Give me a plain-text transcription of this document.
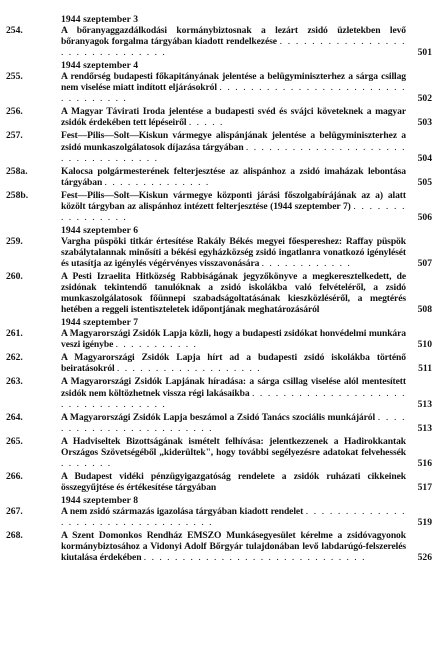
1944 szeptember 3
254.	A bőranyaggazdálkodási kormánybiztosnak a lezárt zsidó üzletekben levő bőranyagok forgalma tárgyában kiadott rendelkezése . . . . . . . . . . . . . . . . . . . . . . . . . . . . . .	501
1944 szeptember 4
255.	A rendőrség budapesti főkapitányának jelentése a belügyminiszterhez a sárga csillag nem viselése miatt indított eljárásokról . . . . . . . . . . . . . . . . . . . . . . . . . . . . . . . . .	502
256.	A Magyar Távirati Iroda jelentése a budapesti svéd és svájci követeknek a magyar zsidók érdekében tett lépéseiről . . . . .	503
257.	Fest—Pilis—Solt—Kiskun vármegye alispánjának jelentése a belügyminiszterhez a zsidó munkaszolgálatosok díjazása tárgyában . . . . . . . . . . . . . . . . . . . . . . . . . . . . . . . . . .	504
258a.	Kalocsa polgármesterének felterjesztése az alispánhoz a zsidó imaházak lebontása tárgyában . . . . . . . . . . . . . .	505
258b.	Fest—Pilis—Solt—Kiskun vármegye központi járási főszolgabírájának az a) alatt közölt tárgyban az alispánhoz intézett felterjesztése (1944 szeptember 7) . . . . . . . . . . . . . . . .	506
1944 szeptember 6
259.	Vargha püspöki titkár értesítése Rakály Békés megyei főespereshez: Raffay püspök szabálytalannak minősíti a békési egyházközség zsidó ingatlanra vonatkozó igénylését és utasítja az igénylés végérvényes visszavonására . . . . . . . . . . . .	507
260.	A Pesti Izraelita Hitközség Rabbiságának jegyzőkönyve a megkeresztelkedett, de zsidónak tekintendő tanulóknak a zsidó iskolákba való felvételéről, a zsidó munkaszolgálatosok főünnepi szabadságoltatásának kieszközléséről, a megtérés hetében a reggeli istentiszteletek időpontjának meghatározásáról	508
1944 szeptember 7
261.	A Magyarországi Zsidók Lapja közli, hogy a budapesti zsidókat honvédelmi munkára veszi igénybe . . . . . . . . . . .	510
262.	A Magyarországi Zsidók Lapja hírt ad a budapesti zsidó iskolákba történő beiratásokról . . . . . . . . . . . . . . . . . . .	511
263.	A Magyarországi Zsidók Lapjának híradása: a sárga csillag viselése alól mentesített zsidók nem költözhetnek vissza régi lakásaikba . . . . . . . . . . . . . . . . . . . . . . . . . . . . . . . . . .	513
264.	A Magyarországi Zsidók Lapja beszámol a Zsidó Tanács szociális munkájáról . . . . . . . . . . . . . . . . . . . . . . . .	513
265.	A Hadviseltek Bizottságának ismételt felhívása: jelentkezzenek a Hadirokkantak Országos Szövetségéből „kiderültek", hogy további segélyezésre adatokat felvehessék . . . . . . .	516
266.	A Budapest vidéki pénzügyigazgatóság rendelete a zsidók ruházati cikkeinek összegyűjtése és értékesítése tárgyában	517
1944 szeptember 8
267.	A nem zsidó származás igazolása tárgyában kiadott rendelet . . . . . . . . . . . . . . . . . . . . . . . . . . . . . . . . .	519
268.	A Szent Domonkos Rendház EMSZO Munkásegyesület kérelme a zsidóvagyonok kormánybiztosához a Vidonyi Adolf Bőrgyár tulajdonában levő labdarúgó-felszerelés kiutalása érdekében . . . . . . . . . . . . . . . . . . . . . . . . . . . . .	526
